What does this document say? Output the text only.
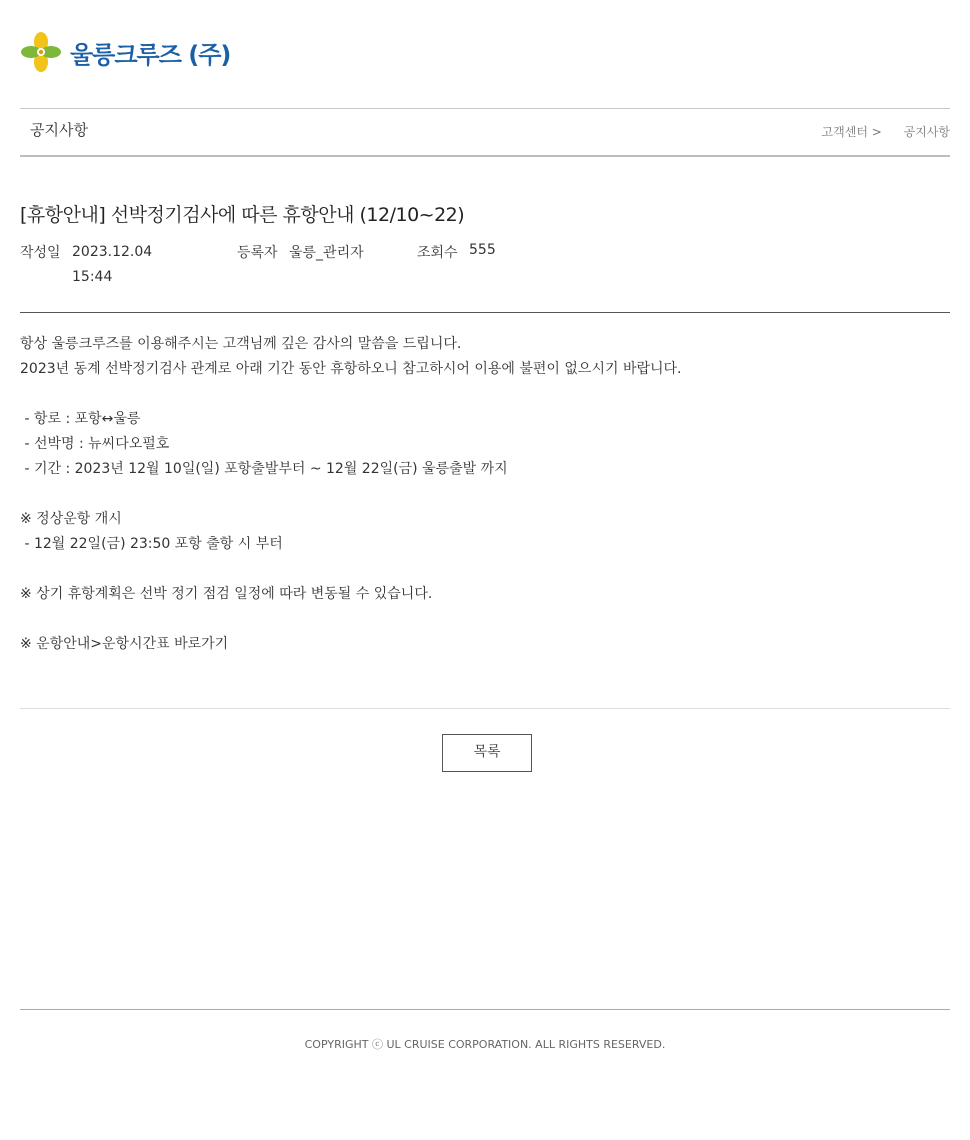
울릉크루즈 (주)
공지사항	고객센터 > 공지사항
[휴항안내] 선박정기검사에 따른 휴항안내 (12/10~22)
작성일 2023.12.04 15:44
등록자 울릉_관리자	조회수 555
항상 울릉크루즈를 이용해주시는 고객님께 깊은 감사의 말씀을 드립니다.
2023년 동계 선박정기검사 관계로 아래 기간 동안 휴항하오니 참고하시어 이용에 불편이 없으시기 바랍니다.
- 항로 : 포항↔울릉
- 선박명 : 뉴씨다오펄호
- 기간 : 2023년 12월 10일(일) 포항출발부터 ~ 12월 22일(금) 울릉출발 까지
※ 정상운항 개시
- 12월 22일(금) 23:50 포항 출항 시 부터
※ 상기 휴항계획은 선박 정기 점검 일정에 따라 변동될 수 있습니다.
※ 운항안내>운항시간표 바로가기
목록
COPYRIGHT ⓒ UL CRUISE CORPORATION. ALL RIGHTS RESERVED.
